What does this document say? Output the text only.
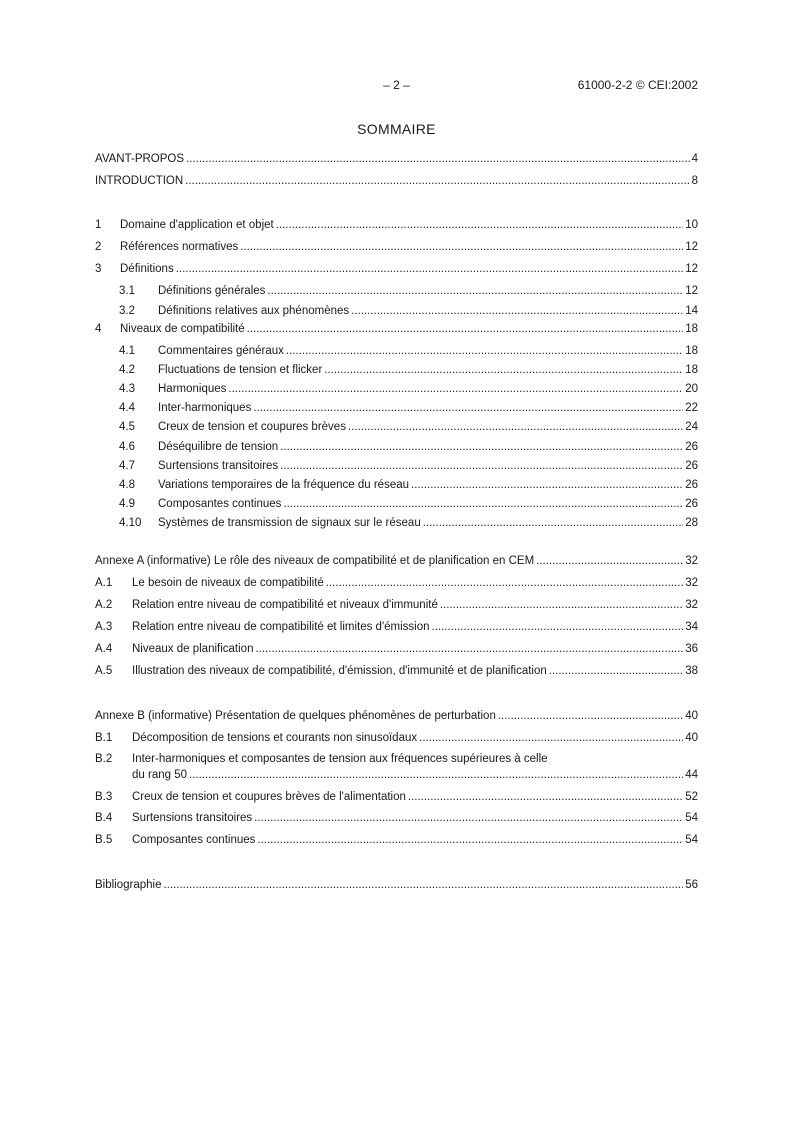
– 2 –	61000-2-2 © CEI:2002
SOMMAIRE
AVANT-PROPOS .....	4
INTRODUCTION .....	8
1	Domaine d'application et objet .....	10
2	Références normatives .....	12
3	Définitions .....	12
3.1	Définitions générales .....	12
3.2	Définitions relatives aux phénomènes .....	14
4	Niveaux de compatibilité .....	18
4.1	Commentaires généraux .....	18
4.2	Fluctuations de tension et flicker .....	18
4.3	Harmoniques .....	20
4.4	Inter-harmoniques .....	22
4.5	Creux de tension et coupures brèves .....	24
4.6	Déséquilibre de tension .....	26
4.7	Surtensions transitoires .....	26
4.8	Variations temporaires de la fréquence du réseau .....	26
4.9	Composantes continues .....	26
4.10	Systèmes de transmission de signaux sur le réseau .....	28
Annexe A (informative) Le rôle des niveaux de compatibilité et de planification en CEM .....	32
A.1	Le besoin de niveaux de compatibilité .....	32
A.2	Relation entre niveau de compatibilité et niveaux d'immunité .....	32
A.3	Relation entre niveau de compatibilité et limites d'émission .....	34
A.4	Niveaux de planification .....	36
A.5	Illustration des niveaux de compatibilité, d'émission, d'immunité et de planification .....	38
Annexe B (informative) Présentation de quelques phénomènes de perturbation .....	40
B.1	Décomposition de tensions et courants non sinusoïdaux .....	40
B.2	Inter-harmoniques et composantes de tension aux fréquences supérieures à celle
du rang 50 .....	44
B.3	Creux de tension et coupures brèves de l'alimentation .....	52
B.4	Surtensions transitoires .....	54
B.5	Composantes continues .....	54
Bibliographie .....	56
